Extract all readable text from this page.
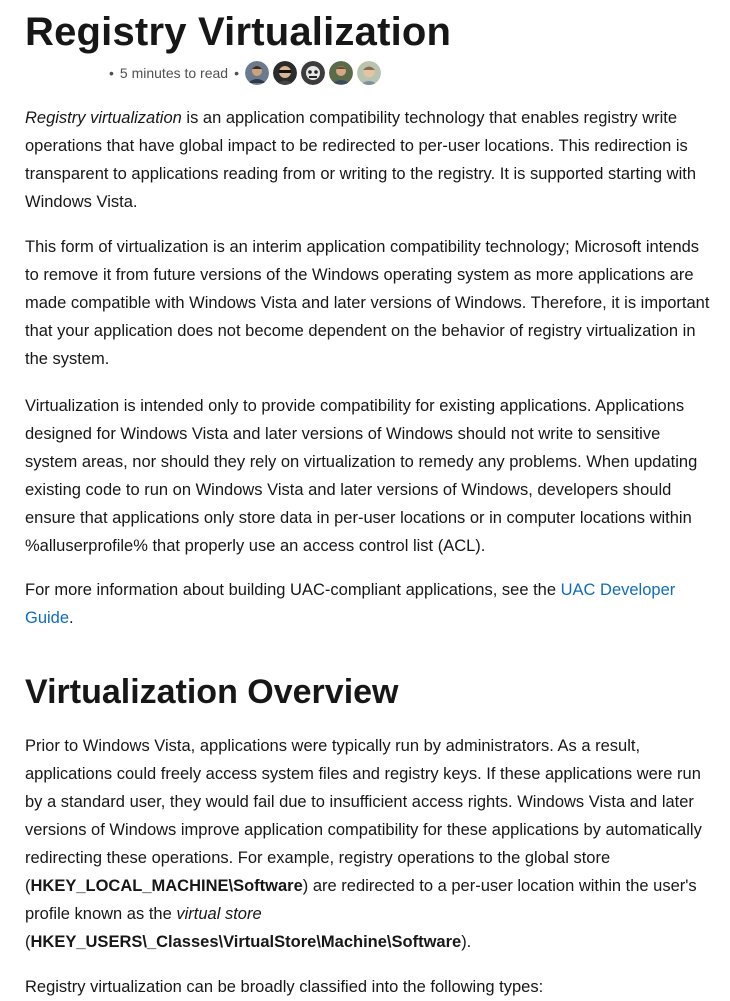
Registry Virtualization
• 5 minutes to read •

Registry virtualization is an application compatibility technology that enables registry write operations that have global impact to be redirected to per-user locations. This redirection is transparent to applications reading from or writing to the registry. It is supported starting with Windows Vista.

This form of virtualization is an interim application compatibility technology; Microsoft intends to remove it from future versions of the Windows operating system as more applications are made compatible with Windows Vista and later versions of Windows. Therefore, it is important that your application does not become dependent on the behavior of registry virtualization in the system.

Virtualization is intended only to provide compatibility for existing applications. Applications designed for Windows Vista and later versions of Windows should not write to sensitive system areas, nor should they rely on virtualization to remedy any problems. When updating existing code to run on Windows Vista and later versions of Windows, developers should ensure that applications only store data in per-user locations or in computer locations within %alluserprofile% that properly use an access control list (ACL).

For more information about building UAC-compliant applications, see the UAC Developer Guide.

Virtualization Overview

Prior to Windows Vista, applications were typically run by administrators. As a result, applications could freely access system files and registry keys. If these applications were run by a standard user, they would fail due to insufficient access rights. Windows Vista and later versions of Windows improve application compatibility for these applications by automatically redirecting these operations. For example, registry operations to the global store (HKEY_LOCAL_MACHINE\Software) are redirected to a per-user location within the user's profile known as the virtual store
(HKEY_USERS\_Classes\VirtualStore\Machine\Software).

Registry virtualization can be broadly classified into the following types:
